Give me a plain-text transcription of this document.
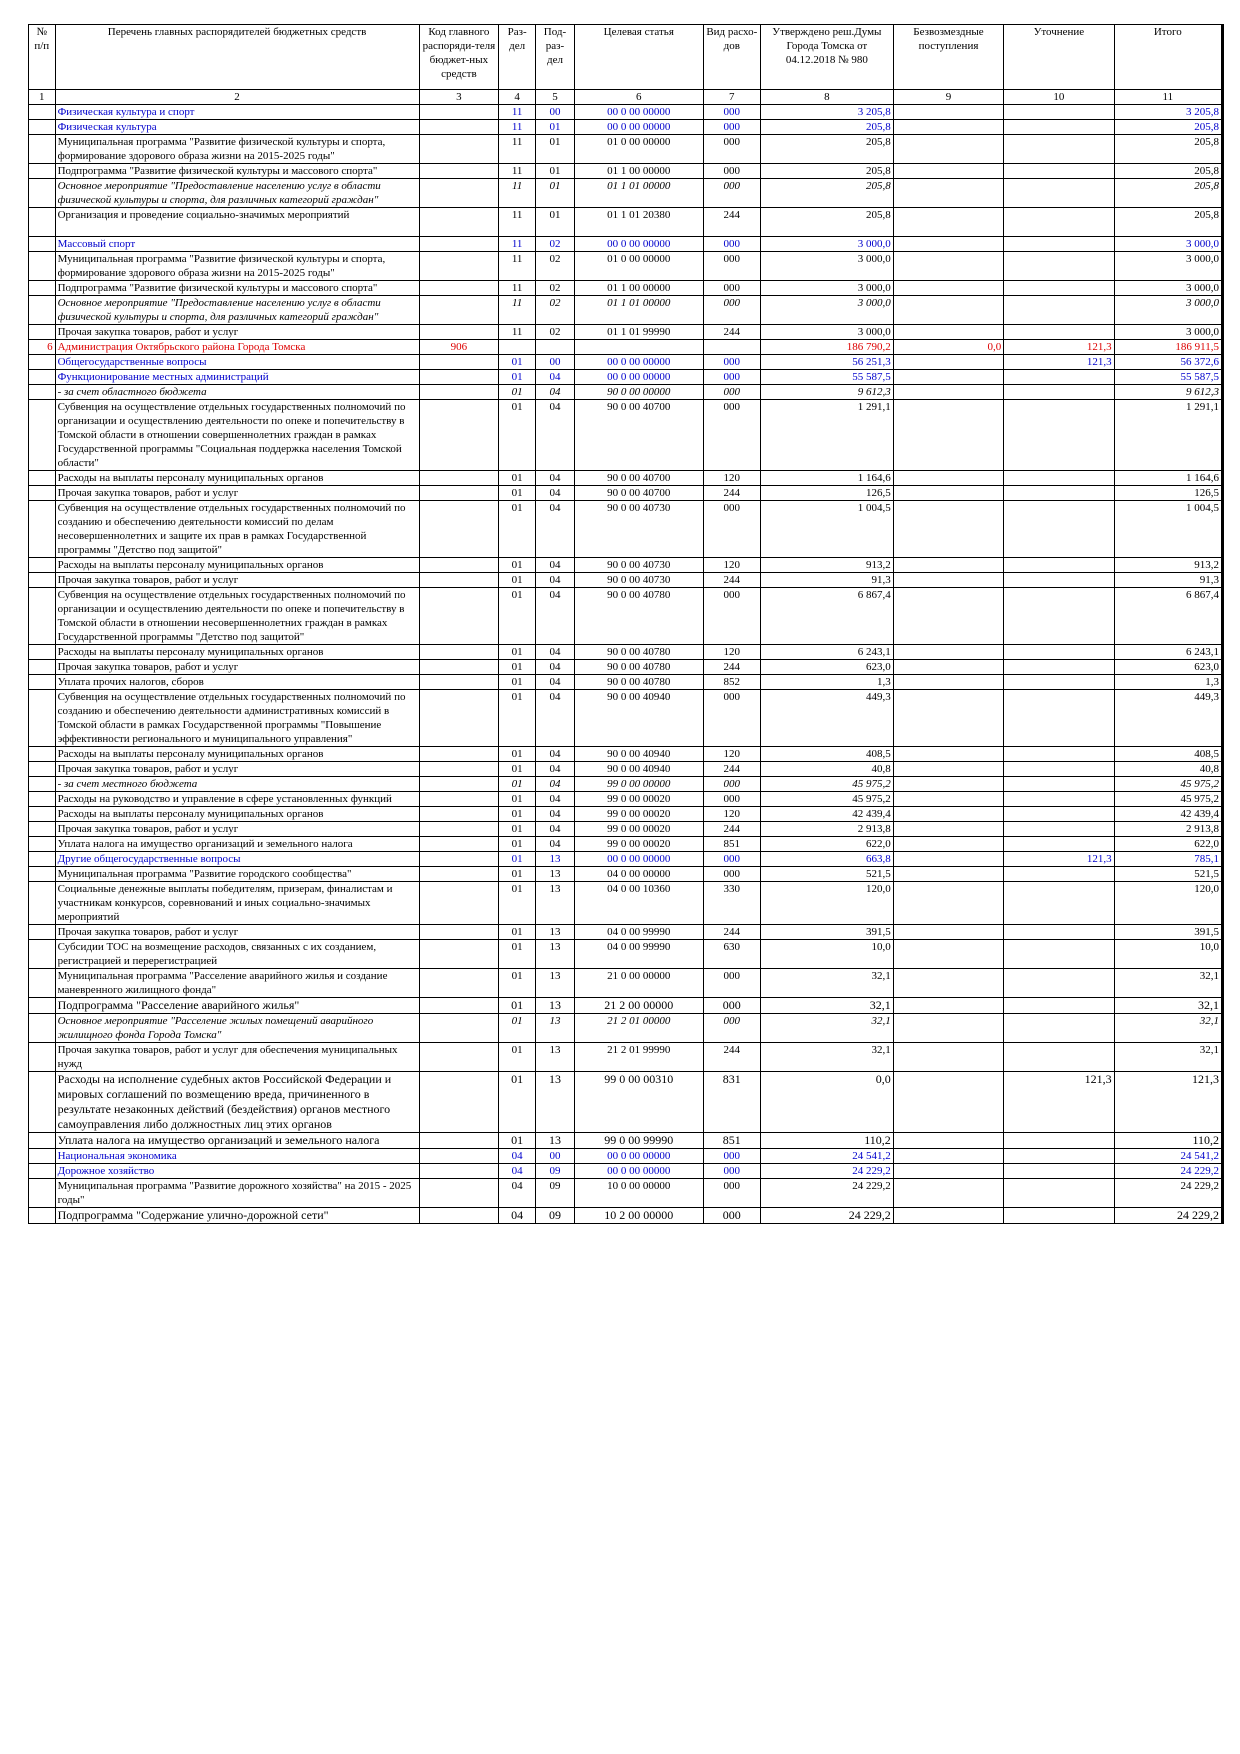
№ п/п	Перечень главных распорядителей бюджетных средств	Код главного распоряди-теля бюджет-ных средств	Раз-дел	Под-раз-дел	Целевая статья	Вид расхо-дов	Утверждено реш.Думы Города Томска от 04.12.2018 № 980	Безвозмездные поступления	Уточнение	Итого
1	2	3	4	5	6	7	8	9	10	11
	Физическая культура и спорт		11	00	00 0 00 00000	000	3 205,8			3 205,8
	Физическая культура		11	01	00 0 00 00000	000	205,8			205,8
	Муниципальная программа "Развитие физической культуры и спорта, формирование здорового образа жизни на 2015-2025 годы"		11	01	01 0 00 00000	000	205,8			205,8
	Подпрограмма "Развитие физической культуры и массового спорта"		11	01	01 1 00 00000	000	205,8			205,8
	Основное мероприятие "Предоставление населению услуг в области физической культуры и спорта, для различных категорий граждан"		11	01	01 1 01 00000	000	205,8			205,8
	Организация и проведение социально-значимых мероприятий		11	01	01 1 01 20380	244	205,8			205,8
	Массовый спорт		11	02	00 0 00 00000	000	3 000,0			3 000,0
	Муниципальная программа "Развитие физической культуры и спорта, формирование здорового образа жизни на 2015-2025 годы"		11	02	01 0 00 00000	000	3 000,0			3 000,0
	Подпрограмма "Развитие физической культуры и массового спорта"		11	02	01 1 00 00000	000	3 000,0			3 000,0
	Основное мероприятие "Предоставление населению услуг в области физической культуры и спорта, для различных категорий граждан"		11	02	01 1 01 00000	000	3 000,0			3 000,0
	Прочая закупка товаров, работ и услуг		11	02	01 1 01 99990	244	3 000,0			3 000,0
6	Администрация Октябрьского района Города Томска	906					186 790,2	0,0	121,3	186 911,5
	Общегосударственные вопросы		01	00	00 0 00 00000	000	56 251,3		121,3	56 372,6
	Функционирование местных администраций		01	04	00 0 00 00000	000	55 587,5			55 587,5
	- за счет областного бюджета		01	04	90 0 00 00000	000	9 612,3			9 612,3
	Субвенция на осуществление отдельных государственных полномочий по организации и осуществлению деятельности по опеке и попечительству в Томской области в отношении совершеннолетних граждан в рамках Государственной программы "Социальная поддержка населения Томской области"		01	04	90 0 00 40700	000	1 291,1			1 291,1
	Расходы на выплаты персоналу муниципальных органов		01	04	90 0 00 40700	120	1 164,6			1 164,6
	Прочая закупка товаров, работ и услуг		01	04	90 0 00 40700	244	126,5			126,5
	Субвенция на осуществление отдельных государственных полномочий по созданию и обеспечению деятельности комиссий по делам несовершеннолетних и защите их прав в рамках Государственной программы "Детство под защитой"		01	04	90 0 00 40730	000	1 004,5			1 004,5
	Расходы на выплаты персоналу муниципальных органов		01	04	90 0 00 40730	120	913,2			913,2
	Прочая закупка товаров, работ и услуг		01	04	90 0 00 40730	244	91,3			91,3
	Субвенция на осуществление отдельных государственных полномочий по организации и осуществлению деятельности по опеке и попечительству в Томской области в отношении несовершеннолетних граждан в рамках Государственной программы "Детство под защитой"		01	04	90 0 00 40780	000	6 867,4			6 867,4
	Расходы на выплаты персоналу муниципальных органов		01	04	90 0 00 40780	120	6 243,1			6 243,1
	Прочая закупка товаров, работ и услуг		01	04	90 0 00 40780	244	623,0			623,0
	Уплата прочих налогов, сборов		01	04	90 0 00 40780	852	1,3			1,3
	Субвенция на осуществление отдельных государственных полномочий по созданию и обеспечению деятельности административных комиссий в Томской области в рамках Государственной программы "Повышение эффективности регионального и муниципального управления"		01	04	90 0 00 40940	000	449,3			449,3
	Расходы на выплаты персоналу муниципальных органов		01	04	90 0 00 40940	120	408,5			408,5
	Прочая закупка товаров, работ и услуг		01	04	90 0 00 40940	244	40,8			40,8
	- за счет местного бюджета		01	04	99 0 00 00000	000	45 975,2			45 975,2
	Расходы на руководство и управление в сфере установленных функций		01	04	99 0 00 00020	000	45 975,2			45 975,2
	Расходы на выплаты персоналу муниципальных органов		01	04	99 0 00 00020	120	42 439,4			42 439,4
	Прочая закупка товаров, работ и услуг		01	04	99 0 00 00020	244	2 913,8			2 913,8
	Уплата налога на имущество организаций и земельного налога		01	04	99 0 00 00020	851	622,0			622,0
	Другие общегосударственные вопросы		01	13	00 0 00 00000	000	663,8		121,3	785,1
	Муниципальная программа "Развитие городского сообщества"		01	13	04 0 00 00000	000	521,5			521,5
	Социальные денежные выплаты победителям, призерам, финалистам и участникам конкурсов, соревнований и иных социально-значимых мероприятий		01	13	04 0 00 10360	330	120,0			120,0
	Прочая закупка товаров, работ и услуг		01	13	04 0 00 99990	244	391,5			391,5
	Субсидии ТОС на возмещение расходов, связанных с их созданием, регистрацией и перерегистрацией		01	13	04 0 00 99990	630	10,0			10,0
	Муниципальная программа "Расселение аварийного жилья и создание маневренного жилищного фонда"		01	13	21 0 00 00000	000	32,1			32,1
	Подпрограмма "Расселение аварийного жилья"		01	13	21 2 00 00000	000	32,1			32,1
	Основное мероприятие "Расселение жилых помещений аварийного жилищного фонда Города Томска"		01	13	21 2 01 00000	000	32,1			32,1
	Прочая закупка товаров, работ и услуг для обеспечения муниципальных нужд		01	13	21 2 01 99990	244	32,1			32,1
	Расходы на исполнение судебных актов Российской Федерации и мировых соглашений по возмещению вреда, причиненного в результате незаконных действий (бездействия) органов местного самоуправления либо должностных лиц этих органов		01	13	99 0 00 00310	831	0,0		121,3	121,3
	Уплата налога на имущество организаций и земельного налога		01	13	99 0 00 99990	851	110,2			110,2
	Национальная экономика		04	00	00 0 00 00000	000	24 541,2			24 541,2
	Дорожное хозяйство		04	09	00 0 00 00000	000	24 229,2			24 229,2
	Муниципальная программа "Развитие дорожного хозяйства" на 2015 - 2025 годы"		04	09	10 0 00 00000	000	24 229,2			24 229,2
	Подпрограмма "Содержание улично-дорожной сети"		04	09	10 2 00 00000	000	24 229,2			24 229,2
